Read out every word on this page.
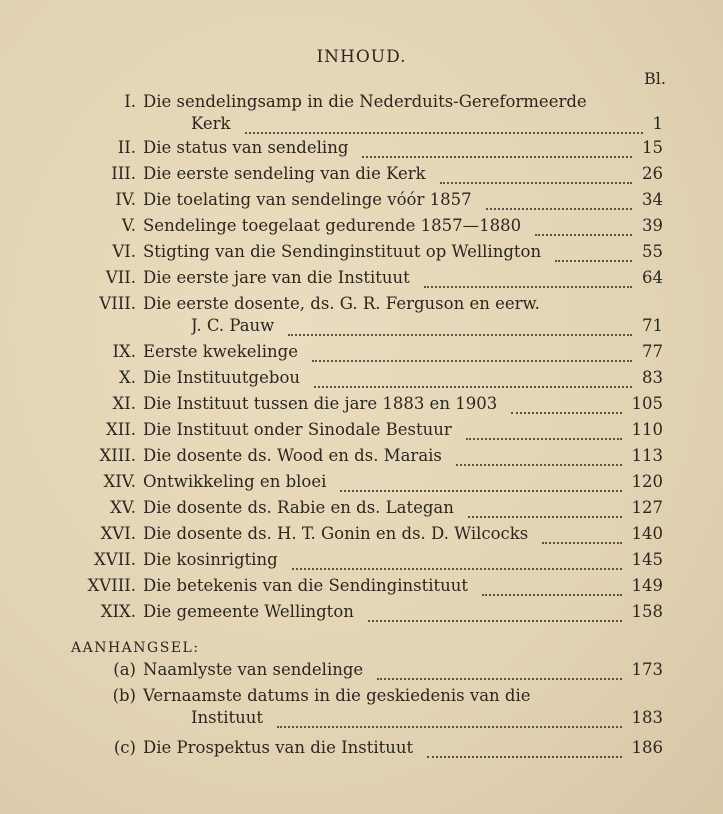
INHOUD.
Bl.
I. Die sendelingsamp in die Nederduits-Gereformeerde
Kerk	1
II. Die status van sendeling	15
III. Die eerste sendeling van die Kerk	26
IV. Die toelating van sendelinge vóór 1857	34
V. Sendelinge toegelaat gedurende 1857—1880	39
VI. Stigting van die Sendinginstituut op Wellington	55
VII. Die eerste jare van die Instituut	64
VIII. Die eerste dosente, ds. G. R. Ferguson en eerw.
J. C. Pauw	71
IX. Eerste kwekelinge	77
X. Die Instituutgebou	83
XI. Die Instituut tussen die jare 1883 en 1903	105
XII. Die Instituut onder Sinodale Bestuur	110
XIII. Die dosente ds. Wood en ds. Marais	113
XIV. Ontwikkeling en bloei	120
XV. Die dosente ds. Rabie en ds. Lategan	127
XVI. Die dosente ds. H. T. Gonin en ds. D. Wilcocks	140
XVII. Die kosinrigting	145
XVIII. Die betekenis van die Sendinginstituut	149
XIX. Die gemeente Wellington	158
AANHANGSEL:
(a) Naamlyste van sendelinge	173
(b) Vernaamste datums in die geskiedenis van die
Instituut	183
(c) Die Prospektus van die Instituut	186
